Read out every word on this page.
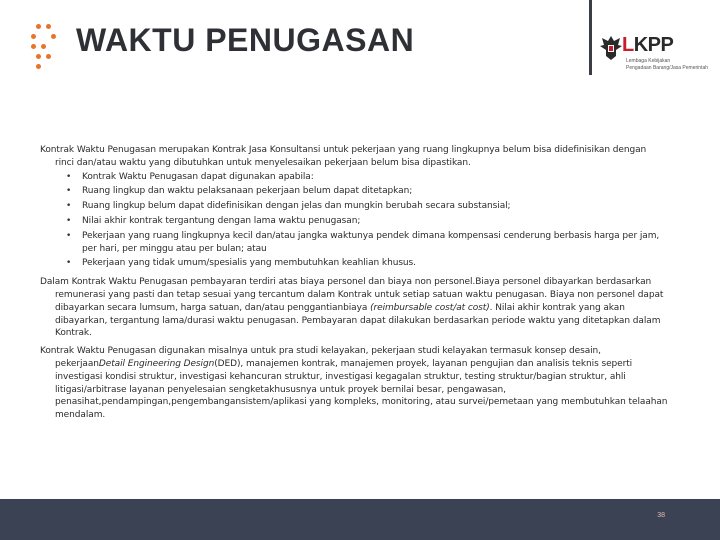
WAKTU PENUGASAN	LKPP
Lembaga Kebijakan
Pengadaan Barang/Jasa Pemerintah

Kontrak Waktu Penugasan merupakan Kontrak Jasa Konsultansi untuk pekerjaan yang ruang lingkupnya belum bisa didefinisikan dengan
rinci dan/atau waktu yang dibutuhkan untuk menyelesaikan pekerjaan belum bisa dipastikan.

• Kontrak Waktu Penugasan dapat digunakan apabila:
• Ruang lingkup dan waktu pelaksanaan pekerjaan belum dapat ditetapkan;
• Ruang lingkup belum dapat didefinisikan dengan jelas dan mungkin berubah secara substansial;
• Nilai akhir kontrak tergantung dengan lama waktu penugasan;
• Pekerjaan yang ruang lingkupnya kecil dan/atau jangka waktunya pendek dimana kompensasi cenderung berbasis harga per jam,
per hari, per minggu atau per bulan; atau
• Pekerjaan yang tidak umum/spesialis yang membutuhkan keahlian khusus.

Dalam Kontrak Waktu Penugasan pembayaran terdiri atas biaya personel dan biaya non personel.Biaya personel dibayarkan berdasarkan
remunerasi yang pasti dan tetap sesuai yang tercantum dalam Kontrak untuk setiap satuan waktu penugasan. Biaya non personel dapat
dibayarkan secara lumsum, harga satuan, dan/atau penggantianbiaya (reimbursable cost/at cost). Nilai akhir kontrak yang akan
dibayarkan, tergantung lama/durasi waktu penugasan. Pembayaran dapat dilakukan berdasarkan periode waktu yang ditetapkan dalam
Kontrak.

Kontrak Waktu Penugasan digunakan misalnya untuk pra studi kelayakan, pekerjaan studi kelayakan termasuk konsep desain,
pekerjaanDetail Engineering Design(DED), manajemen kontrak, manajemen proyek, layanan pengujian dan analisis teknis seperti
investigasi kondisi struktur, investigasi kehancuran struktur, investigasi kegagalan struktur, testing struktur/bagian struktur, ahli
litigasi/arbitrase layanan penyelesaian sengketakhususnya untuk proyek bernilai besar, pengawasan,
penasihat,pendampingan,pengembangansistem/aplikasi yang kompleks, monitoring, atau survei/pemetaan yang membutuhkan telaahan
mendalam.

38
